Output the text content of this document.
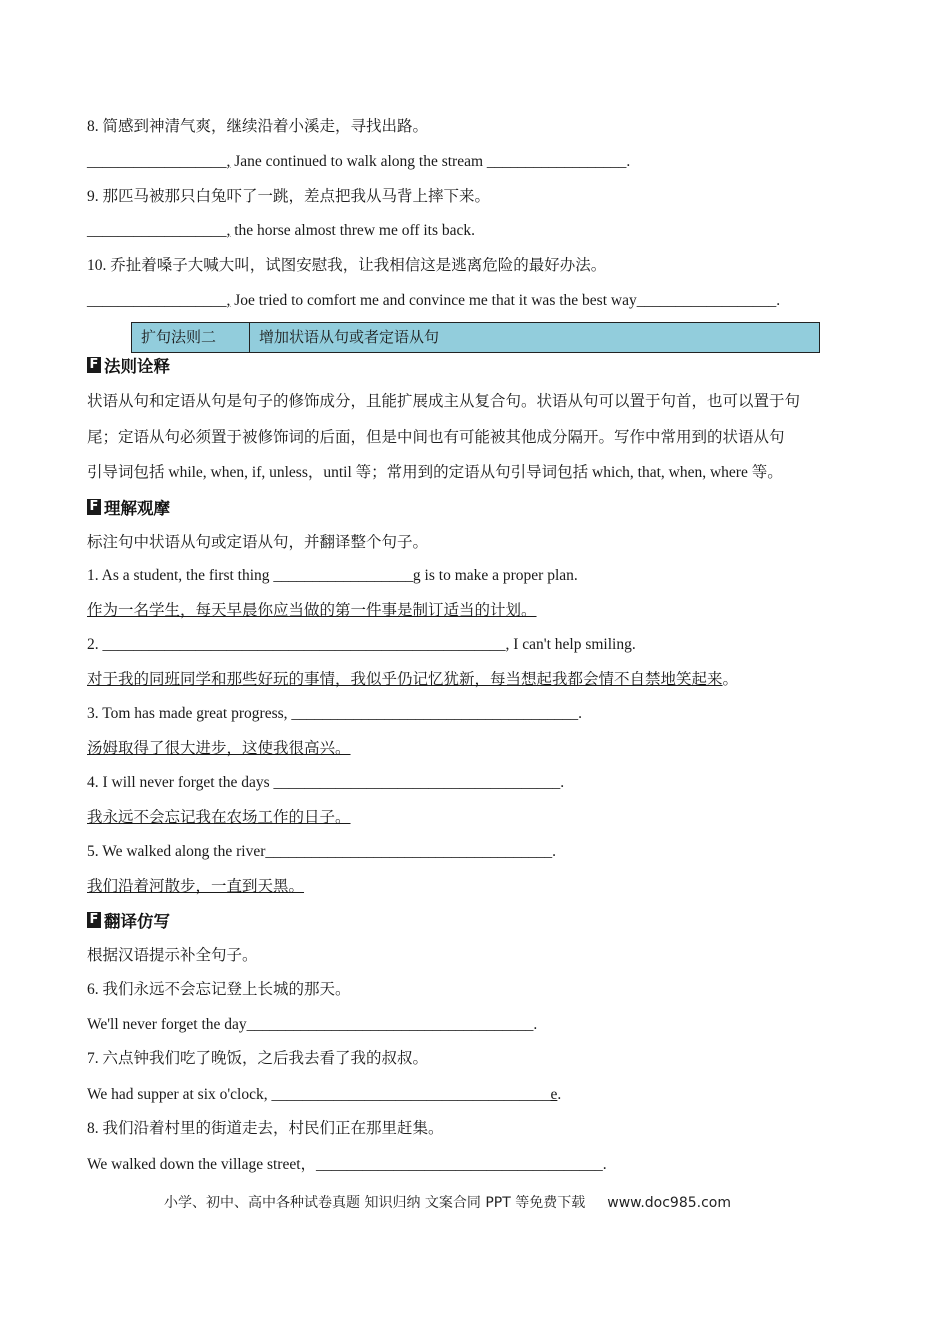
8. 简感到神清气爽，继续沿着小溪走，寻找出路。
__________________, Jane continued to walk along the stream __________________.
9. 那匹马被那只白兔吓了一跳，差点把我从马背上摔下来。
__________________, the horse almost threw me off its back.
10. 乔扯着嗓子大喊大叫，试图安慰我，让我相信这是逃离危险的最好办法。
__________________, Joe tried to comfort me and convince me that it was the best way__________________.
扩句法则二	增加状语从句或者定语从句
F 法则诠释
状语从句和定语从句是句子的修饰成分，且能扩展成主从复合句。状语从句可以置于句首，也可以置于句
尾；定语从句必须置于被修饰词的后面，但是中间也有可能被其他成分隔开。写作中常用到的状语从句
引导词包括 while, when, if, unless，until 等；常用到的定语从句引导词包括 which, that, when, where 等。
F 理解观摩
标注句中状语从句或定语从句，并翻译整个句子。
1. As a student, the first thing __________________g is to make a proper plan.
作为一名学生，每天早晨你应当做的第一件事是制订适当的计划。
2. ____________________________________________________, I can't help smiling.
对于我的同班同学和那些好玩的事情，我似乎仍记忆犹新，每当想起我都会情不自禁地笑起来。
3. Tom has made great progress, _____________________________________.
汤姆取得了很大进步，这使我很高兴。
4. I will never forget the days _____________________________________.
我永远不会忘记我在农场工作的日子。
5. We walked along the river_____________________________________.
我们沿着河散步，一直到天黑。
F 翻译仿写
根据汉语提示补全句子。
6. 我们永远不会忘记登上长城的那天。
We'll never forget the day_____________________________________.
7. 六点钟我们吃了晚饭，之后我去看了我的叔叔。
We had supper at six o'clock, ____________________________________e.
8. 我们沿着村里的街道走去，村民们正在那里赶集。
We walked down the village street，_____________________________________.
小学、初中、高中各种试卷真题 知识归纳 文案合同 PPT 等免费下载 www.doc985.com
